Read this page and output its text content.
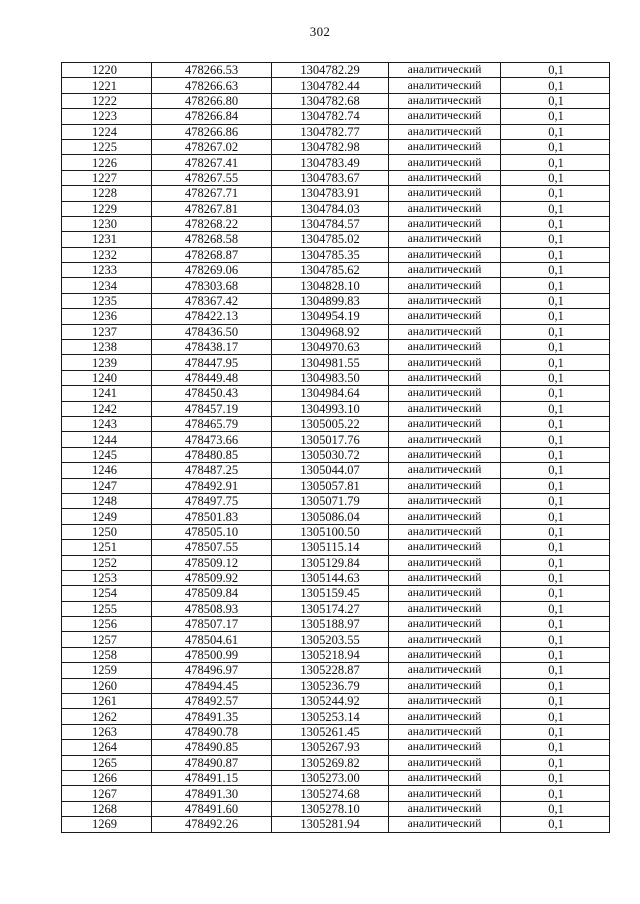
302
1220	478266.53	1304782.29	аналитический	0,1
1221	478266.63	1304782.44	аналитический	0,1
1222	478266.80	1304782.68	аналитический	0,1
1223	478266.84	1304782.74	аналитический	0,1
1224	478266.86	1304782.77	аналитический	0,1
1225	478267.02	1304782.98	аналитический	0,1
1226	478267.41	1304783.49	аналитический	0,1
1227	478267.55	1304783.67	аналитический	0,1
1228	478267.71	1304783.91	аналитический	0,1
1229	478267.81	1304784.03	аналитический	0,1
1230	478268.22	1304784.57	аналитический	0,1
1231	478268.58	1304785.02	аналитический	0,1
1232	478268.87	1304785.35	аналитический	0,1
1233	478269.06	1304785.62	аналитический	0,1
1234	478303.68	1304828.10	аналитический	0,1
1235	478367.42	1304899.83	аналитический	0,1
1236	478422.13	1304954.19	аналитический	0,1
1237	478436.50	1304968.92	аналитический	0,1
1238	478438.17	1304970.63	аналитический	0,1
1239	478447.95	1304981.55	аналитический	0,1
1240	478449.48	1304983.50	аналитический	0,1
1241	478450.43	1304984.64	аналитический	0,1
1242	478457.19	1304993.10	аналитический	0,1
1243	478465.79	1305005.22	аналитический	0,1
1244	478473.66	1305017.76	аналитический	0,1
1245	478480.85	1305030.72	аналитический	0,1
1246	478487.25	1305044.07	аналитический	0,1
1247	478492.91	1305057.81	аналитический	0,1
1248	478497.75	1305071.79	аналитический	0,1
1249	478501.83	1305086.04	аналитический	0,1
1250	478505.10	1305100.50	аналитический	0,1
1251	478507.55	1305115.14	аналитический	0,1
1252	478509.12	1305129.84	аналитический	0,1
1253	478509.92	1305144.63	аналитический	0,1
1254	478509.84	1305159.45	аналитический	0,1
1255	478508.93	1305174.27	аналитический	0,1
1256	478507.17	1305188.97	аналитический	0,1
1257	478504.61	1305203.55	аналитический	0,1
1258	478500.99	1305218.94	аналитический	0,1
1259	478496.97	1305228.87	аналитический	0,1
1260	478494.45	1305236.79	аналитический	0,1
1261	478492.57	1305244.92	аналитический	0,1
1262	478491.35	1305253.14	аналитический	0,1
1263	478490.78	1305261.45	аналитический	0,1
1264	478490.85	1305267.93	аналитический	0,1
1265	478490.87	1305269.82	аналитический	0,1
1266	478491.15	1305273.00	аналитический	0,1
1267	478491.30	1305274.68	аналитический	0,1
1268	478491.60	1305278.10	аналитический	0,1
1269	478492.26	1305281.94	аналитический	0,1
